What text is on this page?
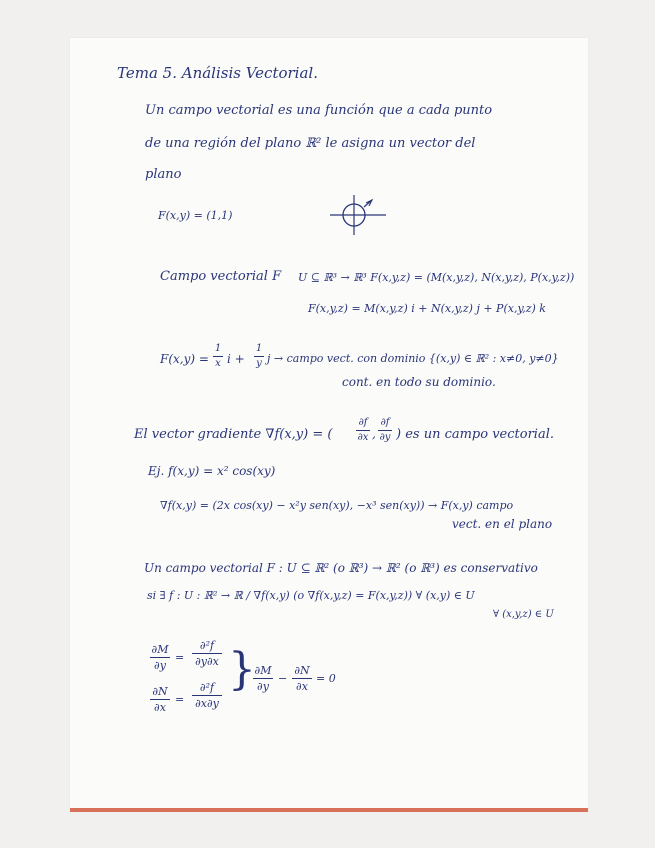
Tema 5. Análisis Vectorial.
Un campo vectorial es una función que a cada punto
de una región del plano ℝ² le asigna un vector del
plano
F(x,y) = (1,1)
Campo vectorial F U ⊆ ℝ³ → ℝ³ F(x,y,z) = (M(x,y,z), N(x,y,z), P(x,y,z))
F(x,y,z) = M(x,y,z) i + N(x,y,z) j + P(x,y,z) k
F(x,y) =
1
x i +
1
y j → campo vect. con dominio {(x,y) ∈ ℝ² : x≠0, y≠0}
cont. en todo su dominio.
El vector gradiente ∇f(x,y) = (
∂f
∂x ,
∂f
∂y ) es un campo vectorial.
Ej. f(x,y) = x² cos(xy)
∇f(x,y) = (2x cos(xy) − x²y sen(xy), −x³ sen(xy)) → F(x,y) campo
vect. en el plano
Un campo vectorial F : U ⊆ ℝ² (o ℝ³) → ℝ² (o ℝ³) es conservativo
si ∃ f : U : ℝ² → ℝ / ∇f(x,y) (o ∇f(x,y,z) = F(x,y,z)) ∀ (x,y) ∈ U
∀ (x,y,z) ∈ U
∂M
∂y
=
∂²f
∂y∂x
∂N
∂x
=
∂²f
∂x∂y
}
∂M
∂y
−
∂N
∂x
= 0
